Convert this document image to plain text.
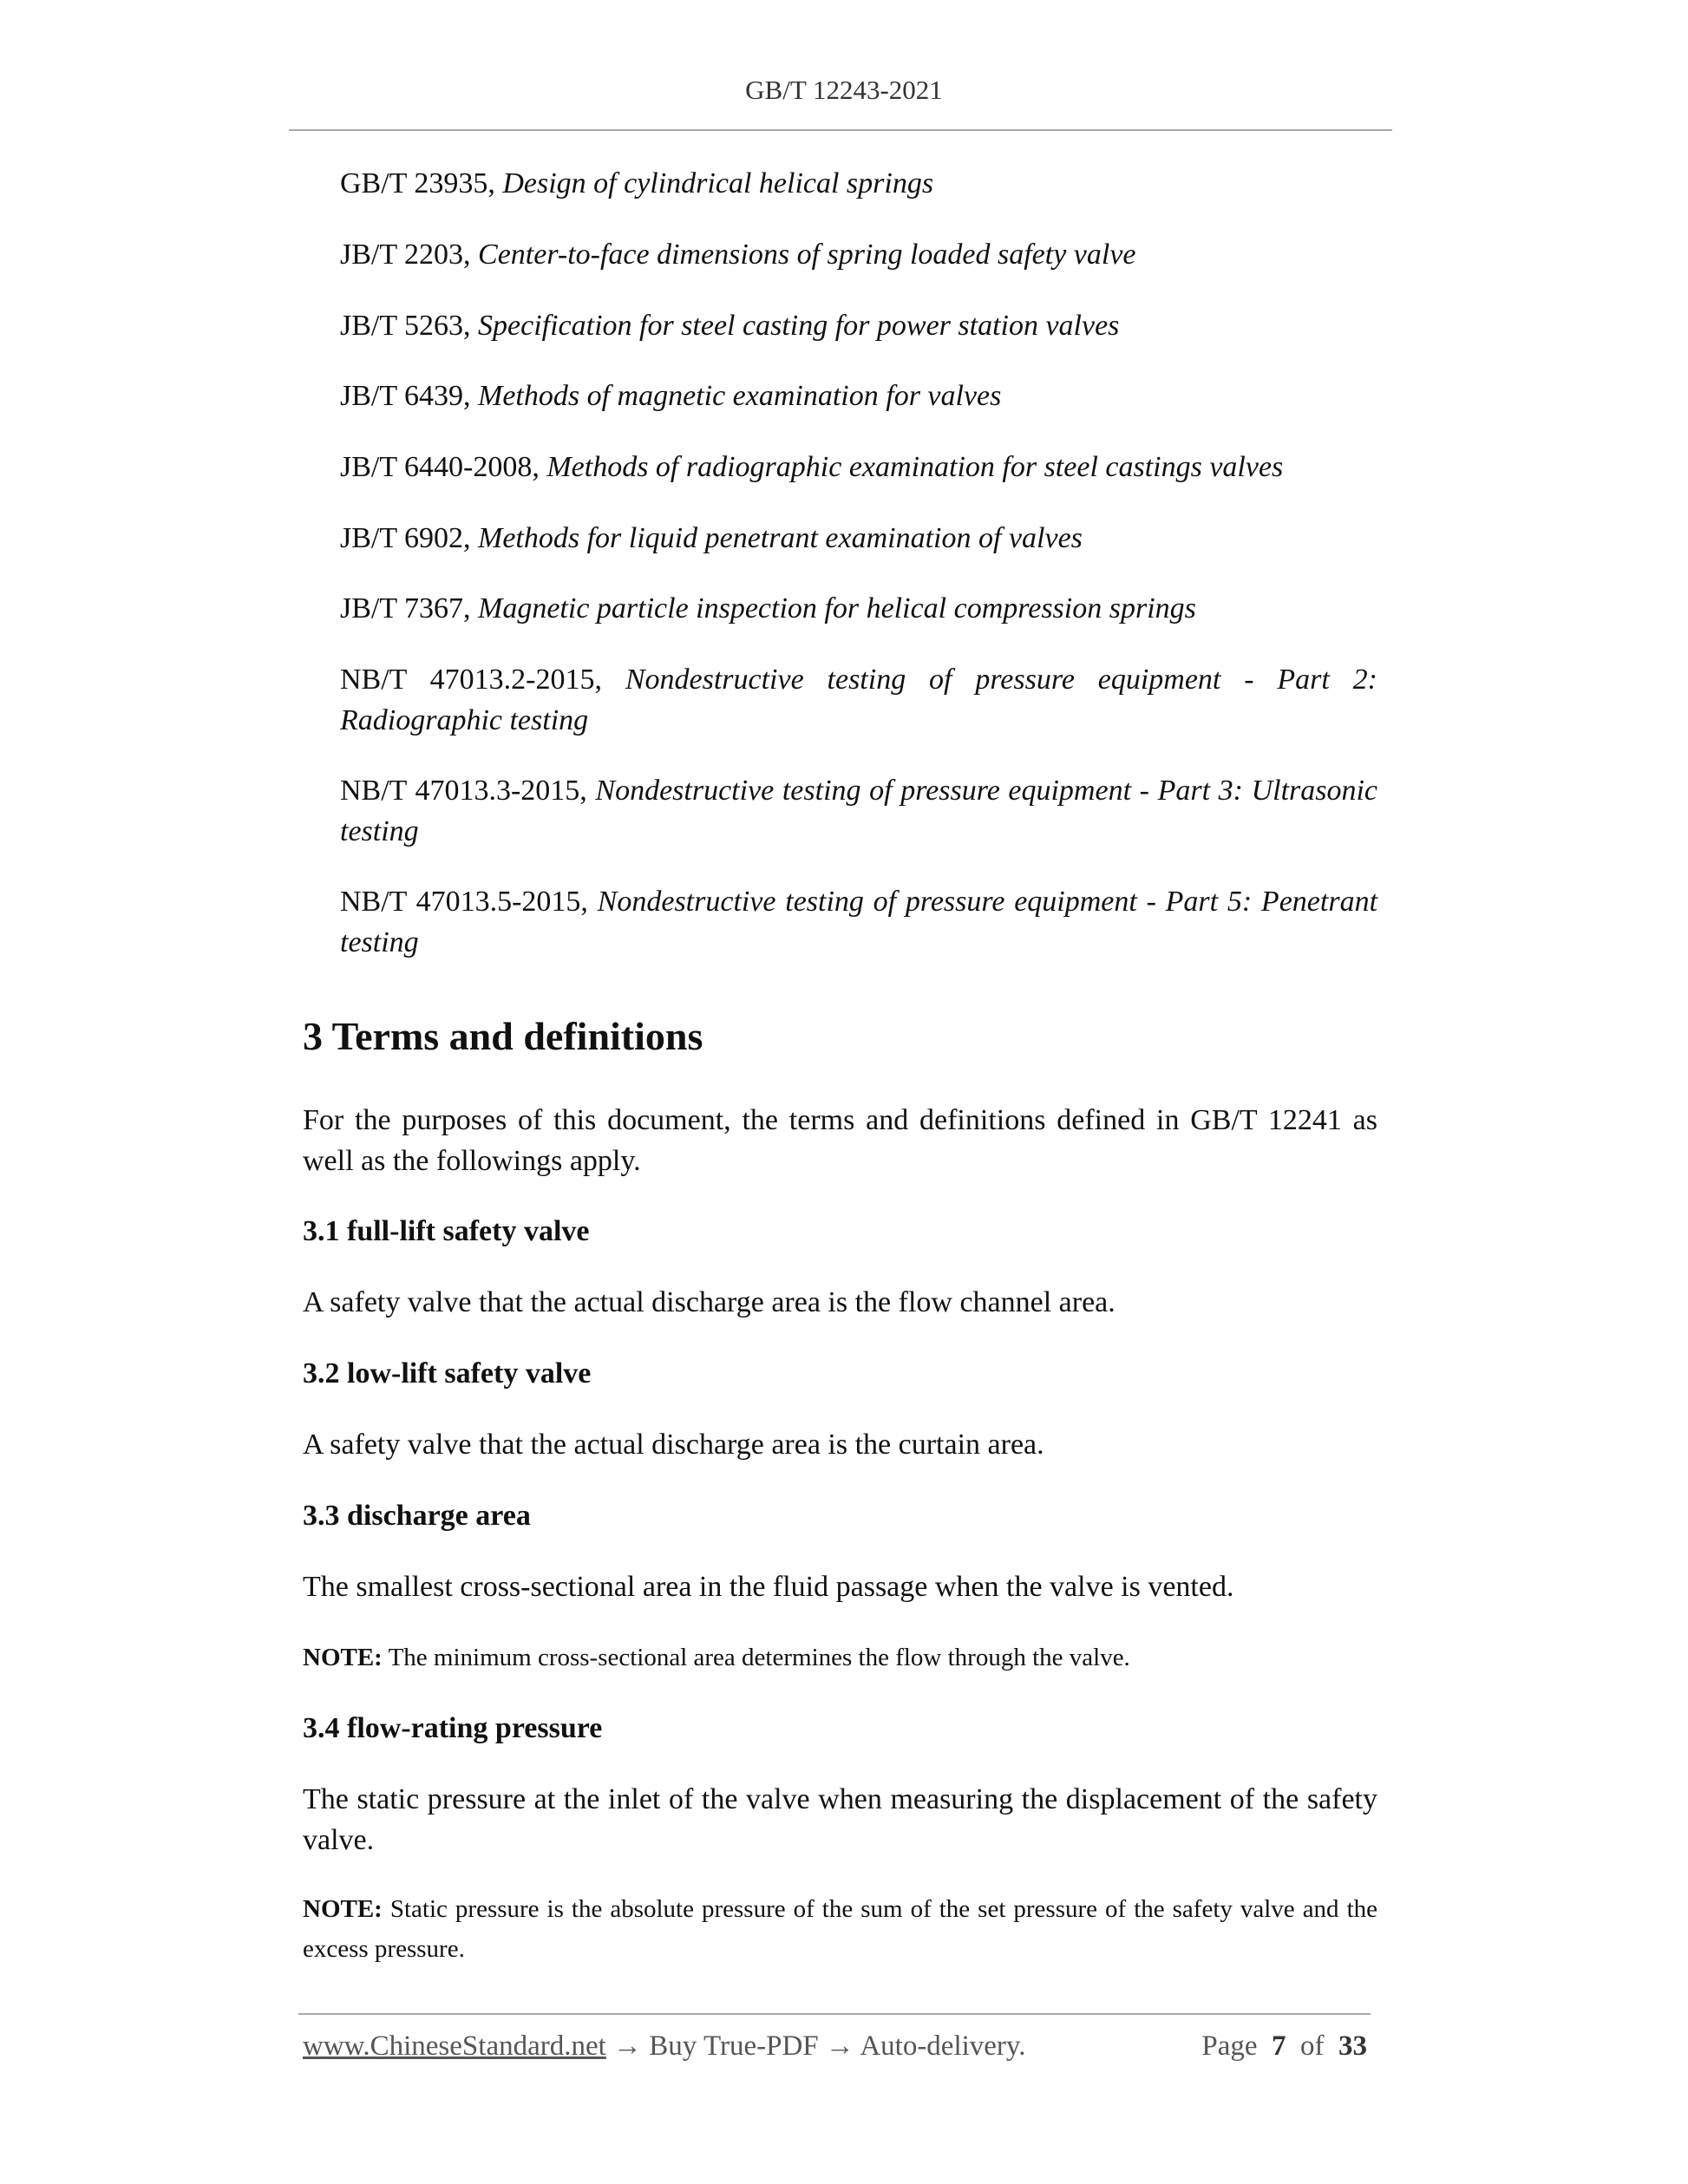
GB/T 12243-2021
GB/T 23935, Design of cylindrical helical springs
JB/T 2203, Center-to-face dimensions of spring loaded safety valve
JB/T 5263, Specification for steel casting for power station valves
JB/T 6439, Methods of magnetic examination for valves
JB/T 6440-2008, Methods of radiographic examination for steel castings valves
JB/T 6902, Methods for liquid penetrant examination of valves
JB/T 7367, Magnetic particle inspection for helical compression springs
NB/T 47013.2-2015, Nondestructive testing of pressure equipment - Part 2: Radiographic testing
NB/T 47013.3-2015, Nondestructive testing of pressure equipment - Part 3: Ultrasonic testing
NB/T 47013.5-2015, Nondestructive testing of pressure equipment - Part 5: Penetrant testing
3 Terms and definitions
For the purposes of this document, the terms and definitions defined in GB/T 12241 as well as the followings apply.
3.1 full-lift safety valve
A safety valve that the actual discharge area is the flow channel area.
3.2 low-lift safety valve
A safety valve that the actual discharge area is the curtain area.
3.3 discharge area
The smallest cross-sectional area in the fluid passage when the valve is vented.
NOTE: The minimum cross-sectional area determines the flow through the valve.
3.4 flow-rating pressure
The static pressure at the inlet of the valve when measuring the displacement of the safety valve.
NOTE: Static pressure is the absolute pressure of the sum of the set pressure of the safety valve and the excess pressure.
www.ChineseStandard.net → Buy True-PDF → Auto-delivery.	Page 7 of 33
